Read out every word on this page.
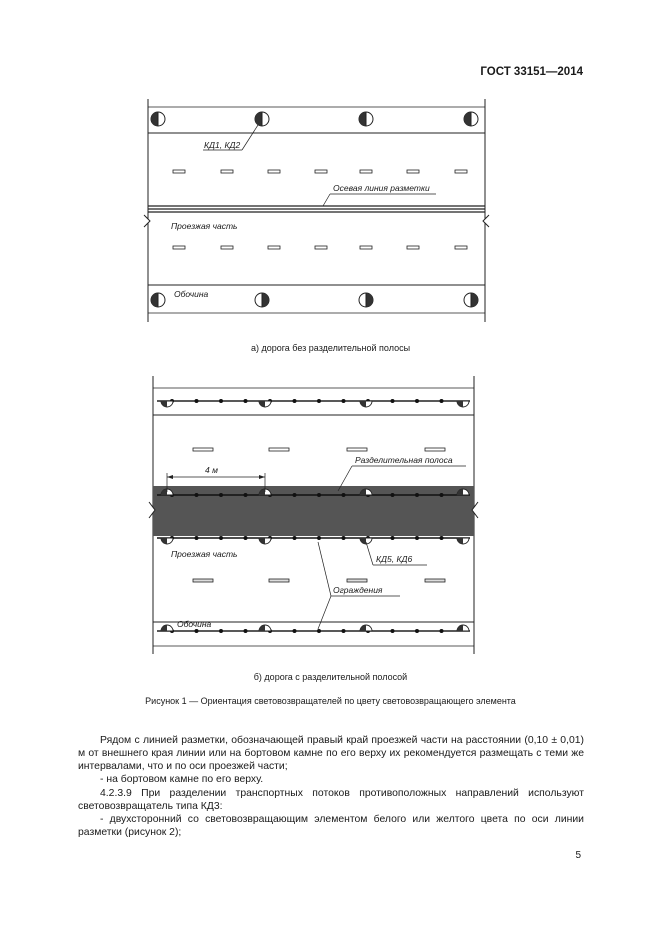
ГОСТ 33151—2014
КД1, КД2
Осевая линия разметки
Проезжая часть
Обочина
а) дорога без разделительной полосы
4 м
Разделительная полоса
Проезжая часть	КД5, КД6
Ограждения
Обочина
б) дорога с разделительной полосой
Рисунок 1 — Ориентация световозвращателей по цвету световозвращающего элемента

Рядом с линией разметки, обозначающей правый край проезжей части на расстоянии (0,10 ± 0,01) м от внешнего края линии или на бортовом камне по его верху их рекомендуется размещать с теми же интервалами, что и по оси проезжей части;

- на бортовом камне по его верху.

4.2.3.9 При разделении транспортных потоков противоположных направлений используют световозвращатель типа КД3:

- двухсторонний со световозвращающим элементом белого или желтого цвета по оси линии разметки (рисунок 2);

5
